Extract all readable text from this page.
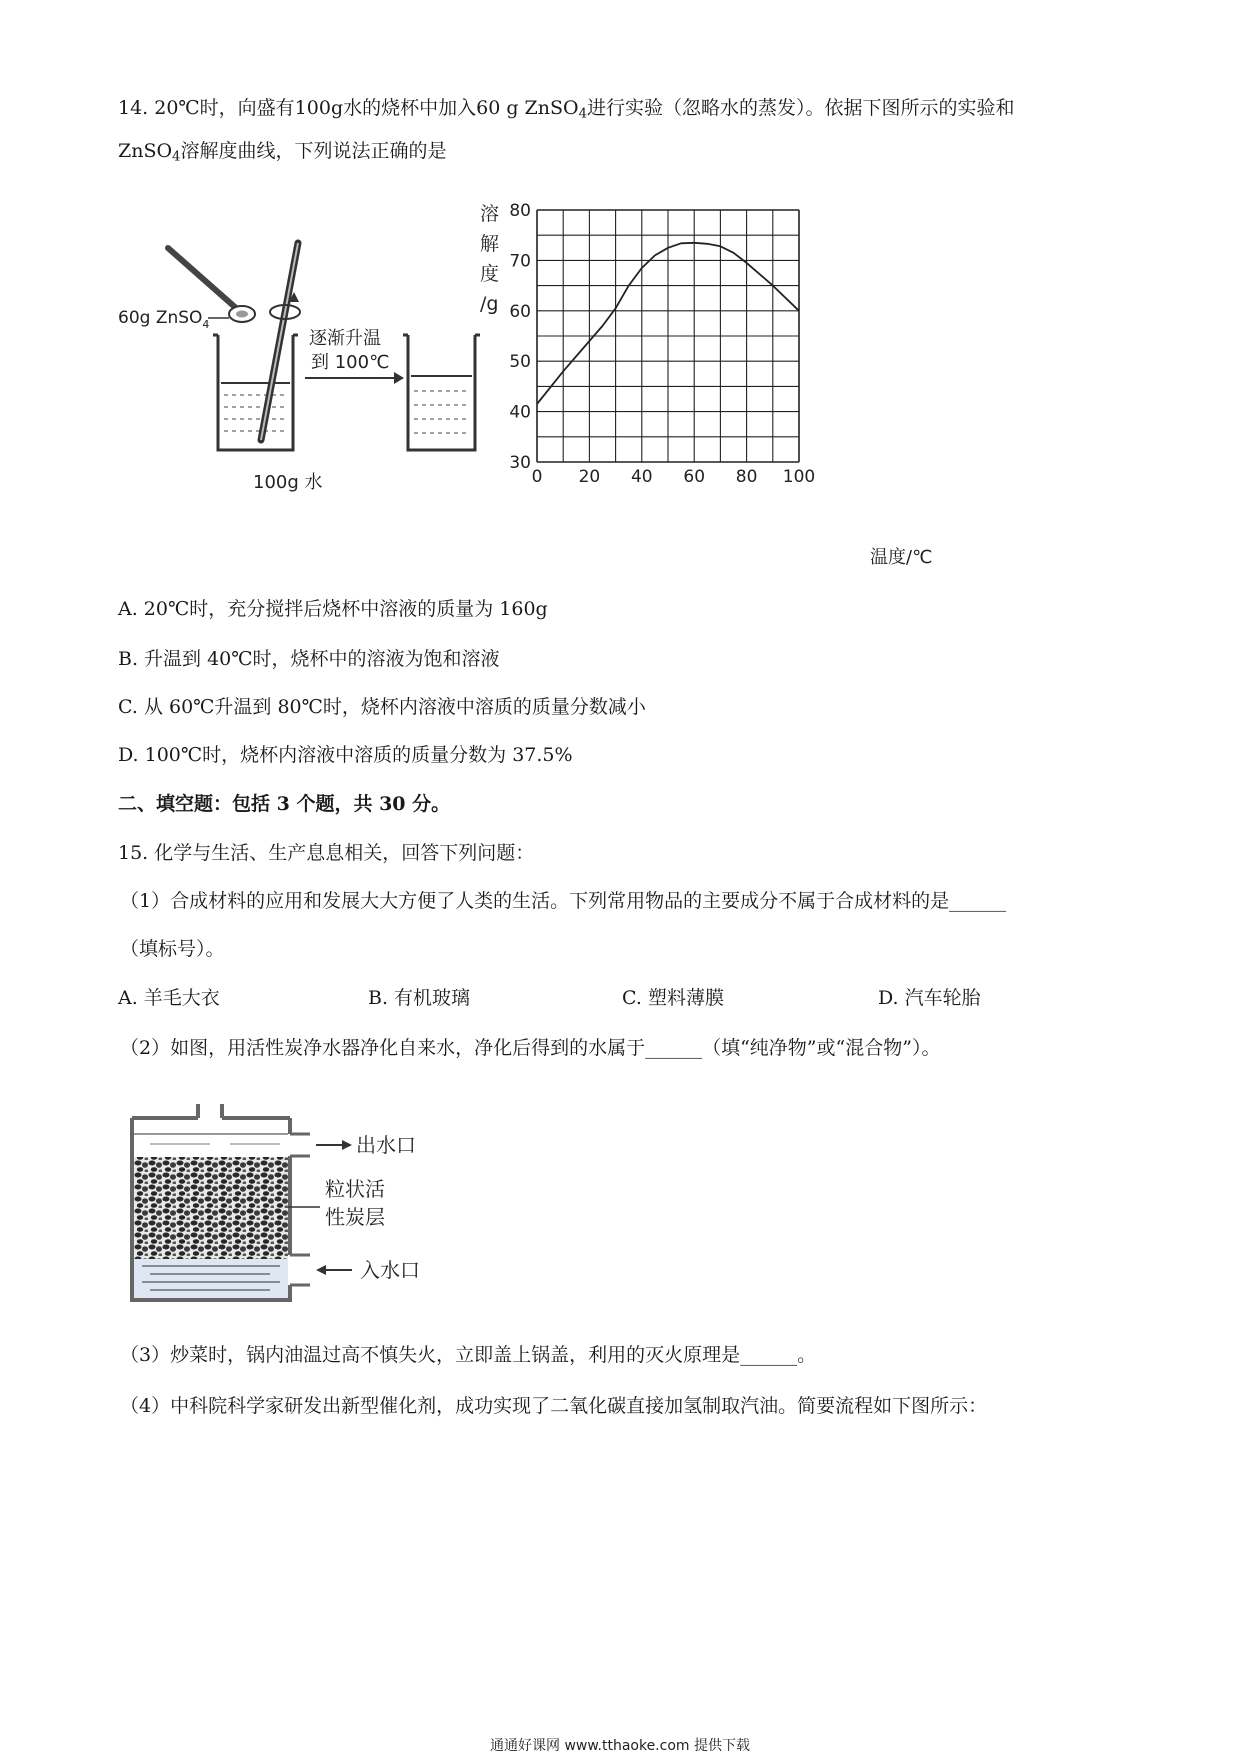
14. 20℃时，向盛有100g水的烧杯中加入60 g ZnSO$_4$进行实验（忽略水的蒸发）。依据下图所示的实验和

ZnSO$_4$溶解度曲线，下列说法正确的是

60g ZnSO$_4$
逐渐升温
到 100℃
100g 水
溶
解
度
/g
30
40
50
60
70
80
0 20 40 60 80 100
温度/℃
A. 20℃时，充分搅拌后烧杯中溶液的质量为 160g
B. 升温到 40℃时，烧杯中的溶液为饱和溶液
C. 从 60℃升温到 80℃时，烧杯内溶液中溶质的质量分数减小
D. 100℃时，烧杯内溶液中溶质的质量分数为 37.5%
二、填空题：包括 3 个题，共 30 分。
15. 化学与生活、生产息息相关，回答下列问题：
（1）合成材料的应用和发展大大方便了人类的生活。下列常用物品的主要成分不属于合成材料的是______
（填标号）。
A. 羊毛大衣	B. 有机玻璃	C. 塑料薄膜	D. 汽车轮胎
（2）如图，用活性炭净水器净化自来水，净化后得到的水属于______（填“纯净物”或“混合物”）。
出水口
粒状活
性炭层
入水口
（3）炒菜时，锅内油温过高不慎失火，立即盖上锅盖，利用的灭火原理是______。
（4）中科院科学家研发出新型催化剂，成功实现了二氧化碳直接加氢制取汽油。简要流程如下图所示：
通通好课网 www.tthaoke.com 提供下载
